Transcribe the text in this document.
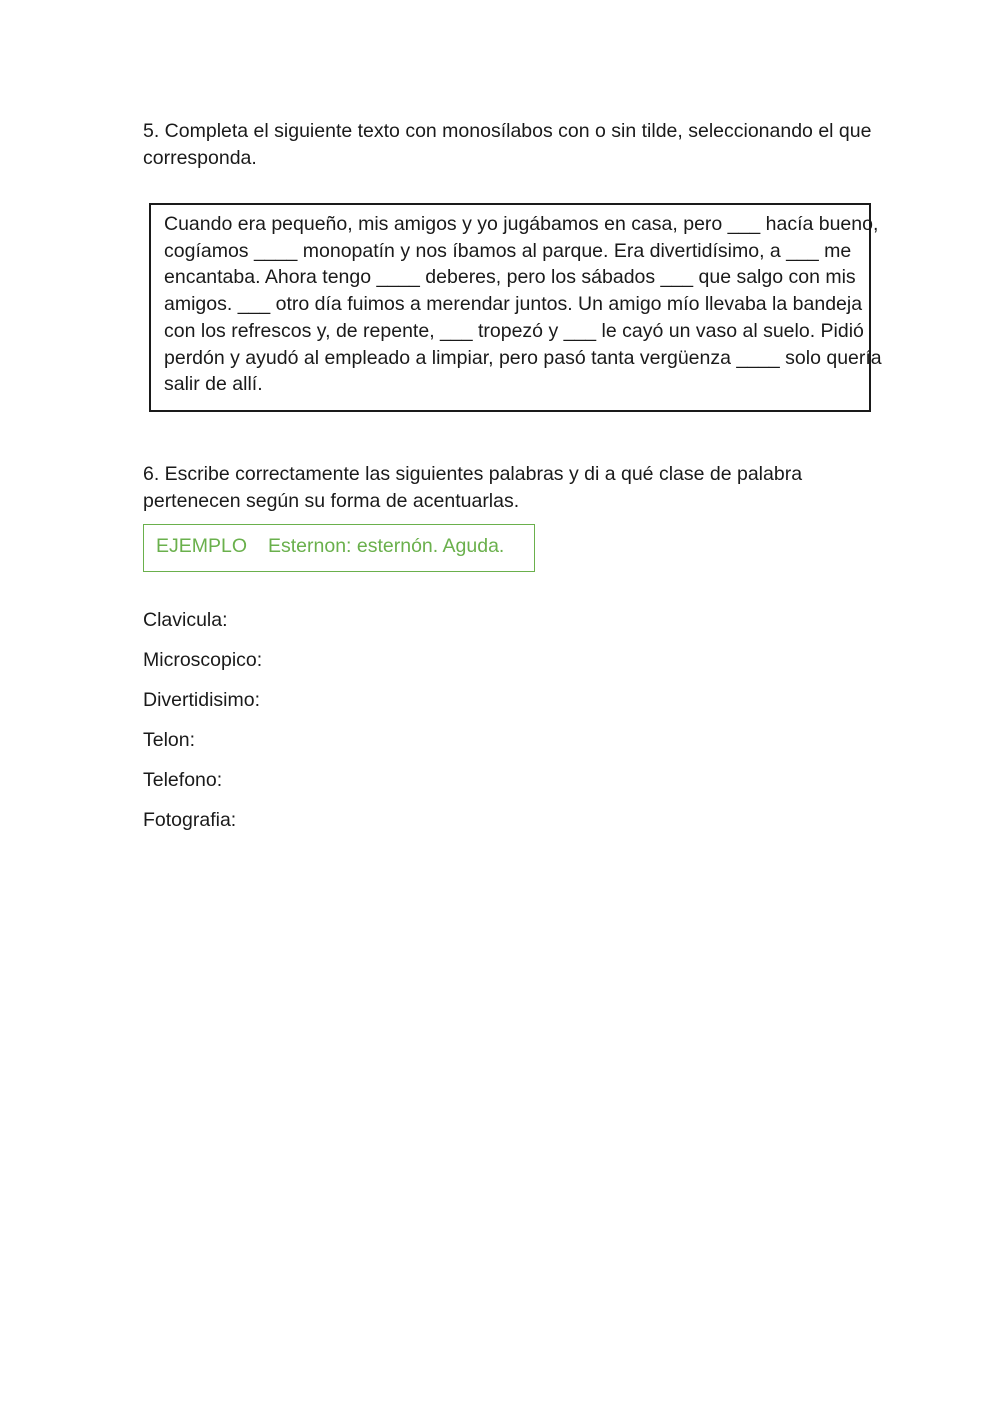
5. Completa el siguiente texto con monosílabos con o sin tilde, seleccionando el que
corresponda.
Cuando era pequeño, mis amigos y yo jugábamos en casa, pero ___ hacía bueno,
cogíamos ____ monopatín y nos íbamos al parque. Era divertidísimo, a ___ me
encantaba. Ahora tengo ____ deberes, pero los sábados ___ que salgo con mis
amigos. ___ otro día fuimos a merendar juntos. Un amigo mío llevaba la bandeja
con los refrescos y, de repente, ___ tropezó y ___ le cayó un vaso al suelo. Pidió
perdón y ayudó al empleado a limpiar, pero pasó tanta vergüenza ____ solo quería
salir de allí.
6. Escribe correctamente las siguientes palabras y di a qué clase de palabra
pertenecen según su forma de acentuarlas.
EJEMPLO Esternon: esternón. Aguda.
Clavicula:
Microscopico:
Divertidisimo:
Telon:
Telefono:
Fotografia:
